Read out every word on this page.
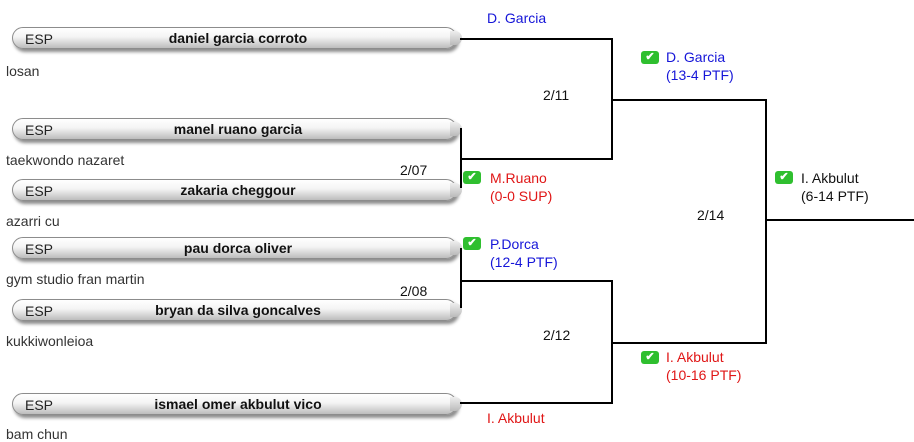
ESP	daniel garcia corroto
losan
ESP	manel ruano garcia
taekwondo nazaret
ESP	zakaria cheggour
azarri cu
ESP	pau dorca oliver
gym studio fran martin
ESP	bryan da silva goncalves
kukkiwonleioa
ESP	ismael omer akbulut vico
bam chun
D. Garcia
I. Akbulut
2/07
2/08
2/11
2/12
2/14
✔ M.Ruano
(0-0 SUP)
✔ P.Dorca
(12-4 PTF)
✔ D. Garcia
(13-4 PTF)
✔ I. Akbulut
(10-16 PTF)
✔ I. Akbulut
(6-14 PTF)
